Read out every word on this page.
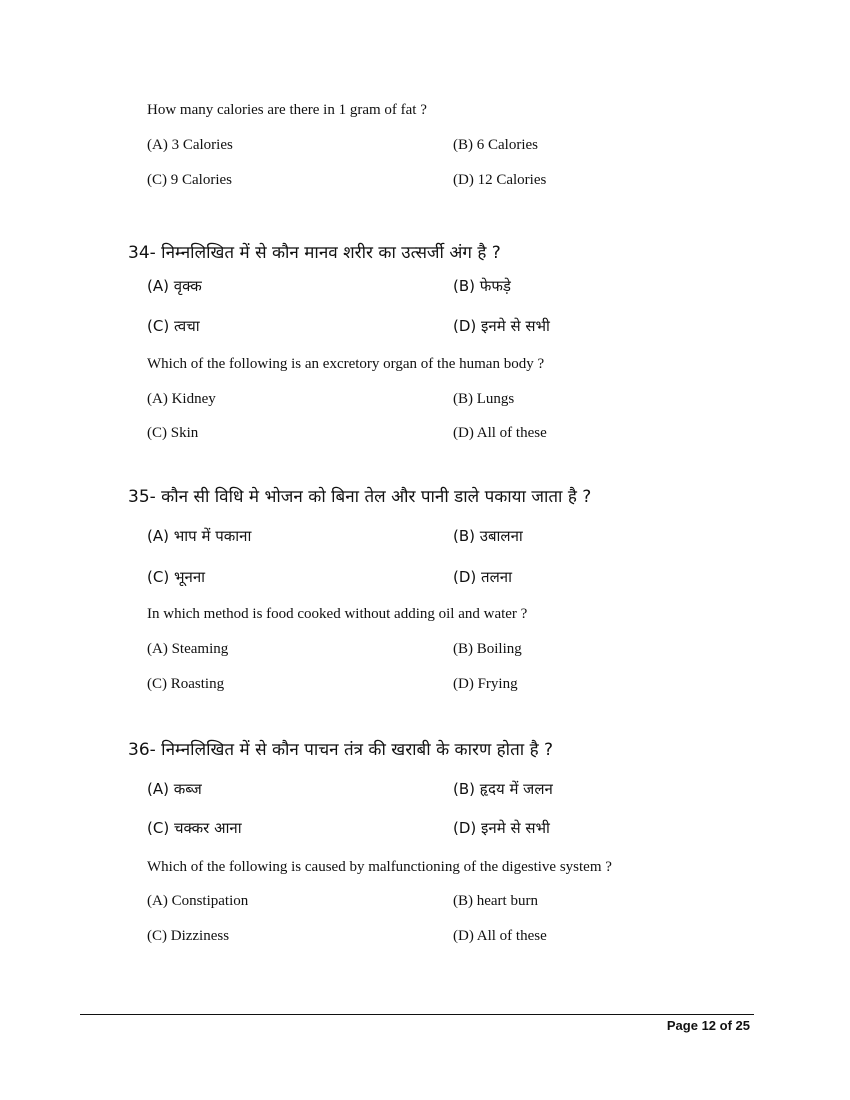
How many calories are there in 1 gram of fat ?
(A) 3 Calories	(B) 6 Calories
(C) 9 Calories	(D) 12 Calories
34- निम्नलिखित में से कौन मानव शरीर का उत्सर्जी अंग है ?
(A) वृक्क	(B) फेफड़े
(C) त्वचा	(D) इनमे से सभी
Which of the following is an excretory organ of the human body ?
(A) Kidney	(B) Lungs
(C) Skin	(D) All of these
35- कौन सी विधि मे भोजन को बिना तेल और पानी डाले पकाया जाता है ?
(A) भाप में पकाना	(B) उबालना
(C) भूनना	(D) तलना
In which method is food cooked without adding oil and water ?
(A) Steaming	(B) Boiling
(C) Roasting	(D) Frying
36- निम्नलिखित में से कौन पाचन तंत्र की खराबी के कारण होता है ?
(A) कब्ज	(B) हृदय में जलन
(C) चक्कर आना	(D) इनमे से सभी
Which of the following is caused by malfunctioning of the digestive system ?
(A) Constipation	(B) heart burn
(C) Dizziness	(D) All of these
Page 12 of 25
